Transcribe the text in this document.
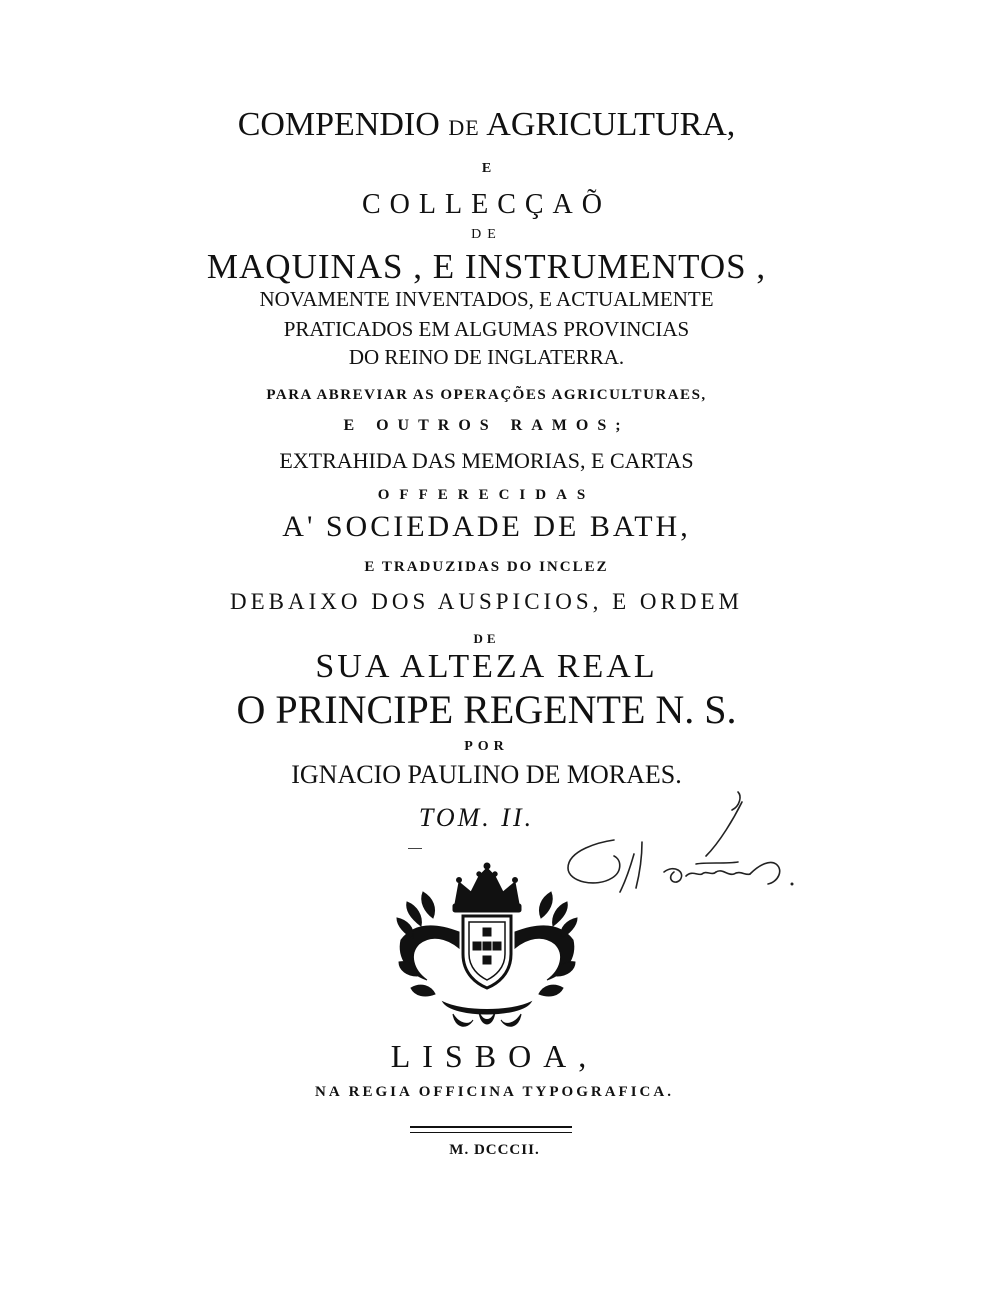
COMPENDIO DE AGRICULTURA,
E
COLLECÇAÕ
DE
MAQUINAS , E INSTRUMENTOS ,
NOVAMENTE INVENTADOS, E ACTUALMENTE
PRATICADOS EM ALGUMAS PROVINCIAS
DO REINO DE INGLATERRA.
PARA ABREVIAR AS OPERAÇÕES AGRICULTURAES,
E OUTROS RAMOS;
EXTRAHIDA DAS MEMORIAS, E CARTAS
OFFERECIDAS
A' SOCIEDADE DE BATH,
E TRADUZIDAS DO INCLEZ
DEBAIXO DOS AUSPICIOS, E ORDEM
DE
SUA ALTEZA REAL
O PRINCIPE REGENTE N. S.
POR
IGNACIO PAULINO DE MORAES.
TOM. II.
Soares.
LISBOA,
NA REGIA OFFICINA TYPOGRAFICA.
M. DCCCII.
